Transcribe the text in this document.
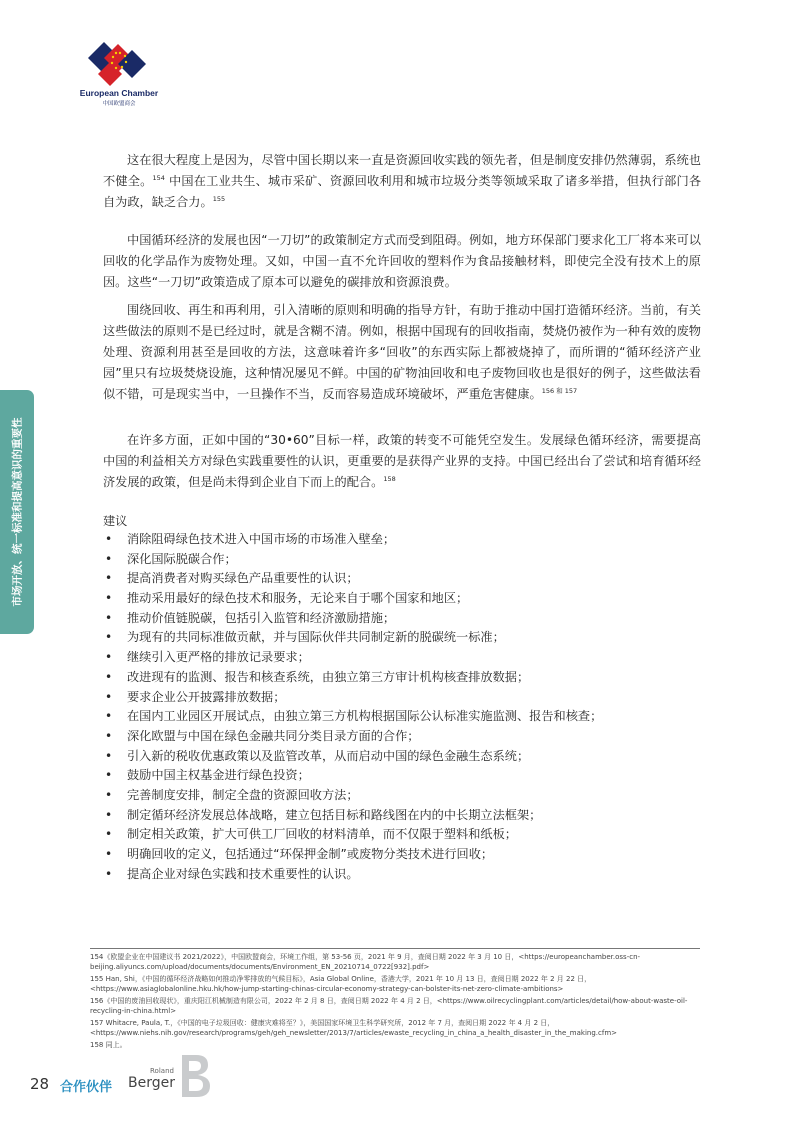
European Chamber
中国欧盟商会
市场开放、统一标准和提高意识的重要性

这在很大程度上是因为，尽管中国长期以来一直是资源回收实践的领先者，但是制度安排仍然薄弱，系统也不健全。$^{154}$ 中国在工业共生、城市采矿、资源回收利用和城市垃圾分类等领域采取了诸多举措，但执行部门各自为政，缺乏合力。$^{155}$

中国循环经济的发展也因“一刀切”的政策制定方式而受到阻碍。例如，地方环保部门要求化工厂将本来可以回收的化学品作为废物处理。又如，中国一直不允许回收的塑料作为食品接触材料，即使完全没有技术上的原因。这些“一刀切”政策造成了原本可以避免的碳排放和资源浪费。

围绕回收、再生和再利用，引入清晰的原则和明确的指导方针，有助于推动中国打造循环经济。当前，有关这些做法的原则不是已经过时，就是含糊不清。例如，根据中国现有的回收指南，焚烧仍被作为一种有效的废物处理、资源利用甚至是回收的方法，这意味着许多“回收”的东西实际上都被烧掉了，而所谓的“循环经济产业园”里只有垃圾焚烧设施，这种情况屡见不鲜。中国的矿物油回收和电子废物回收也是很好的例子，这些做法看似不错，可是现实当中，一旦操作不当，反而容易造成环境破坏，严重危害健康。$^{156 和 157}$

在许多方面，正如中国的“30•60”目标一样，政策的转变不可能凭空发生。发展绿色循环经济，需要提高中国的利益相关方对绿色实践重要性的认识，更重要的是获得产业界的支持。中国已经出台了尝试和培育循环经济发展的政策，但是尚未得到企业自下而上的配合。$^{158}$

建议
• 消除阻碍绿色技术进入中国市场的市场准入壁垒；
• 深化国际脱碳合作；
• 提高消费者对购买绿色产品重要性的认识；
• 推动采用最好的绿色技术和服务，无论来自于哪个国家和地区；
• 推动价值链脱碳，包括引入监管和经济激励措施；
• 为现有的共同标准做贡献，并与国际伙伴共同制定新的脱碳统一标准；
• 继续引入更严格的排放记录要求；
• 改进现有的监测、报告和核查系统，由独立第三方审计机构核查排放数据；
• 要求企业公开披露排放数据；
• 在国内工业园区开展试点，由独立第三方机构根据国际公认标准实施监测、报告和核查；
• 深化欧盟与中国在绿色金融共同分类目录方面的合作；
• 引入新的税收优惠政策以及监管改革，从而启动中国的绿色金融生态系统；
• 鼓励中国主权基金进行绿色投资；
• 完善制度安排，制定全盘的资源回收方法；
• 制定循环经济发展总体战略，建立包括目标和路线图在内的中长期立法框架；
• 制定相关政策，扩大可供工厂回收的材料清单，而不仅限于塑料和纸板；
• 明确回收的定义，包括通过“环保押金制”或废物分类技术进行回收；
• 提高企业对绿色实践和技术重要性的认识。

154《欧盟企业在中国建议书 2021/2022》，中国欧盟商会，环境工作组，第 53-56 页，2021 年 9 月，查阅日期 2022 年 3 月 10 日，<https://europeanchamber.oss-cn-beijing.aliyuncs.com/upload/documents/documents/Environment_EN_20210714_0722[932].pdf>

155 Han, Shi，《中国的循环经济战略如何推动净零排放的气候目标》，Asia Global Online，香港大学，2021 年 10 月 13 日，查阅日期 2022 年 2 月 22 日，<https://www.asiaglobalonline.hku.hk/how-jump-starting-chinas-circular-economy-strategy-can-bolster-its-net-zero-climate-ambitions>

156《中国的废油回收现状》，重庆阳江机械制造有限公司，2022 年 2 月 8 日，查阅日期 2022 年 4 月 2 日，<https://www.oilrecyclingplant.com/articles/detail/how-about-waste-oil-recycling-in-china.html>

157 Whitacre, Paula, T.，《中国的电子垃圾回收：健康灾难将至？》，美国国家环境卫生科学研究所，2012 年 7 月，查阅日期 2022 年 4 月 2 日，<https://www.niehs.nih.gov/research/programs/geh/geh_newsletter/2013/7/articles/ewaste_recycling_in_china_a_health_disaster_in_the_making.cfm>

158 同上。

28 合作伙伴
Roland
Berger
